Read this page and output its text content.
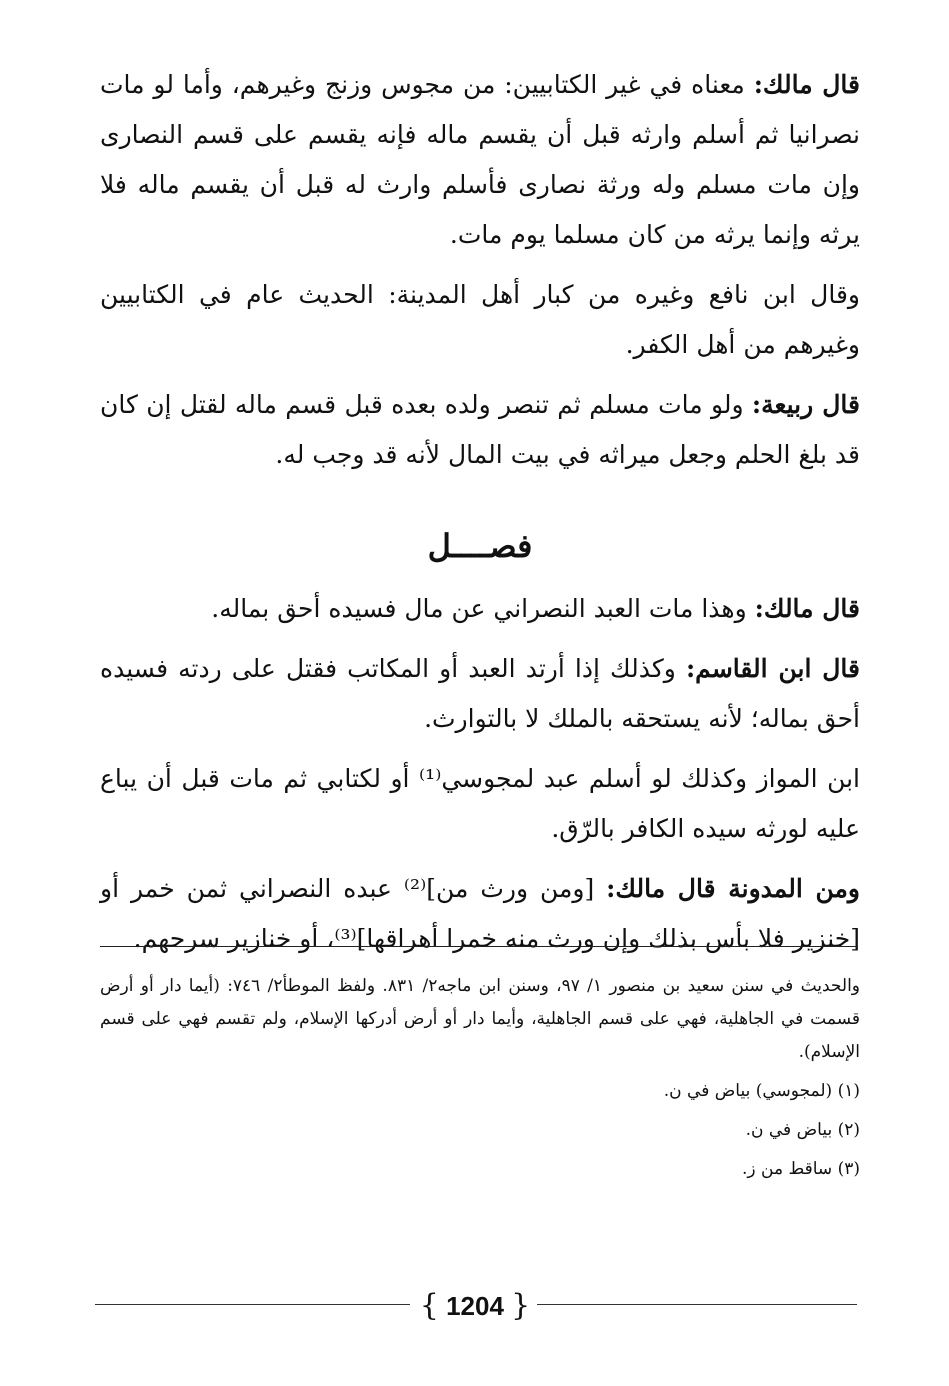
قال مالك: معناه في غير الكتابيين: من مجوس وزنج وغيرهم، وأما لو مات نصرانيا ثم أسلم وارثه قبل أن يقسم ماله فإنه يقسم على قسم النصارى وإن مات مسلم وله ورثة نصارى فأسلم وارث له قبل أن يقسم ماله فلا يرثه وإنما يرثه من كان مسلما يوم مات.

وقال ابن نافع وغيره من كبار أهل المدينة: الحديث عام في الكتابيين وغيرهم من أهل الكفر.

قال ربيعة: ولو مات مسلم ثم تنصر ولده بعده قبل قسم ماله لقتل إن كان قد بلغ الحلم وجعل ميراثه في بيت المال لأنه قد وجب له.

فصــــل

قال مالك: وهذا مات العبد النصراني عن مال فسيده أحق بماله.

قال ابن القاسم: وكذلك إذا أرتد العبد أو المكاتب فقتل على ردته فسيده أحق بماله؛ لأنه يستحقه بالملك لا بالتوارث.

ابن المواز وكذلك لو أسلم عبد لمجوسي⁽¹⁾ أو لكتابي ثم مات قبل أن يباع عليه لورثه سيده الكافر بالرّق.

ومن المدونة قال مالك: [ومن ورث من]⁽²⁾ عبده النصراني ثمن خمر أو [خنزير فلا بأس بذلك وإن ورث منه خمرا أهراقها]⁽³⁾، أو خنازير سرحهم.

والحديث في سنن سعيد بن منصور ١/ ٩٧، وسنن ابن ماجه٢/ ٨٣١. ولفظ الموطأ٢/ ٧٤٦: (أيما دار أو أرض قسمت في الجاهلية، فهي على قسم الجاهلية، وأيما دار أو أرض أدركها الإسلام، ولم تقسم فهي على قسم الإسلام).

(١) (لمجوسي) بياض في ن.

(٢) بياض في ن.

(٣) ساقط من ز.

{ 1204 }
